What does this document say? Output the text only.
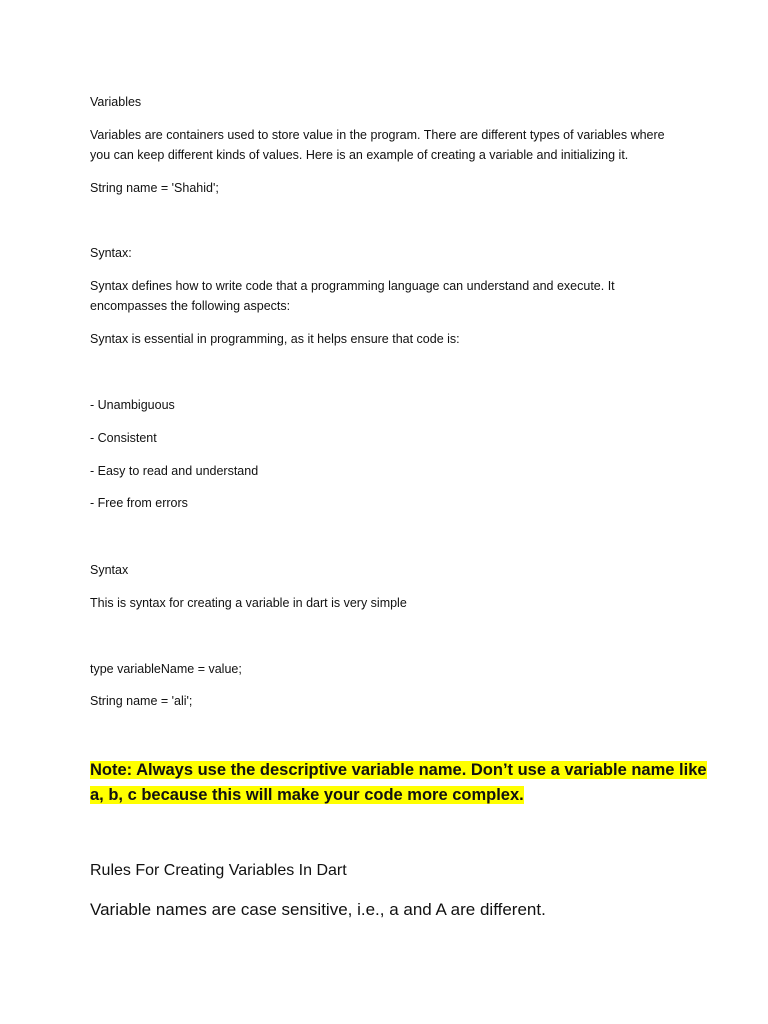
Variables

Variables are containers used to store value in the program. There are different types of variables where

you can keep different kinds of values. Here is an example of creating a variable and initializing it.

String name = 'Shahid';

Syntax:

Syntax defines how to write code that a programming language can understand and execute. It

encompasses the following aspects:

Syntax is essential in programming, as it helps ensure that code is:

- Unambiguous

- Consistent

- Easy to read and understand

- Free from errors

Syntax

This is syntax for creating a variable in dart is very simple

type variableName = value;

String name = 'ali';

Note: Always use the descriptive variable name. Don’t use a variable name like

a, b, c because this will make your code more complex.

Rules For Creating Variables In Dart

Variable names are case sensitive, i.e., a and A are different.
